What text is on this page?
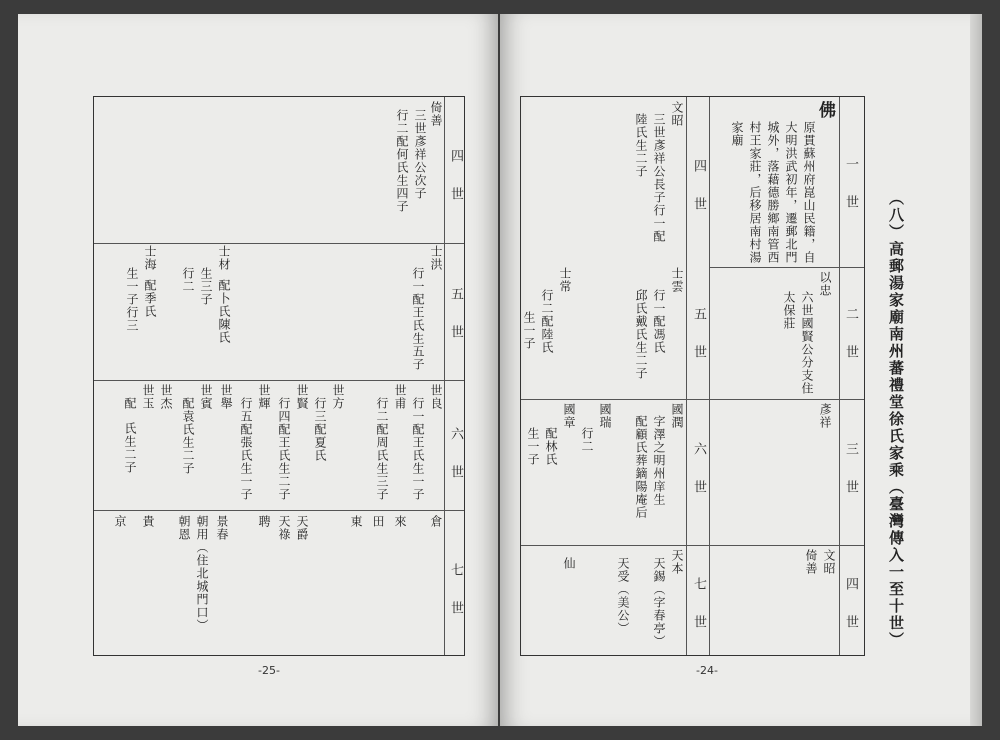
四　世
五　世
六　世
七　世
倚善
三世彥祥公次子
行二配何氏生四子
士洪
行一配王氏生五子
士材
配卜氏陳氏
生三子
行二
士海
配季氏
生一子行三
世良
行一配王氏生一子
世甫
行二配周氏生三子
世方
行三配夏氏
世賢
行四配王氏生二子
世輝
行五配張氏生一子
世舉
配袁氏生二子 世賓
世杰
世玉
配
氏生二子
倉
來
田
東
天爵
天祿
聘
景春
朝用（住北城門口）
朝恩
貴
京
-25-
一　世
二　世
三　世
四　世
四　世
五　世
六　世
七　世
佛
原貫蘇州府崑山民籍，自
大明洪武初年，遷郵北門
城外，落藉德勝鄉南管西
村王家莊，后移居南村湯
家廟
以忠
六世國賢公分支住
太保莊
彥祥
文昭
倚善
文昭
三世彥祥公長子行一配
陸氏生二子
士雲
行一配馮氏
邱氏戴氏生二子
士常
行二配陸氏
生一子
國潤
字澤之明州庠生
配顧氏葬鏑陽庵后
國瑞
行二
國章
配林氏
生一子
天本
天錫（字春亭）
天受（美公）
仙	（八）高郵湯家廟南州蕃禮堂徐氏家乘（臺灣傳入一至十世）
-24-
